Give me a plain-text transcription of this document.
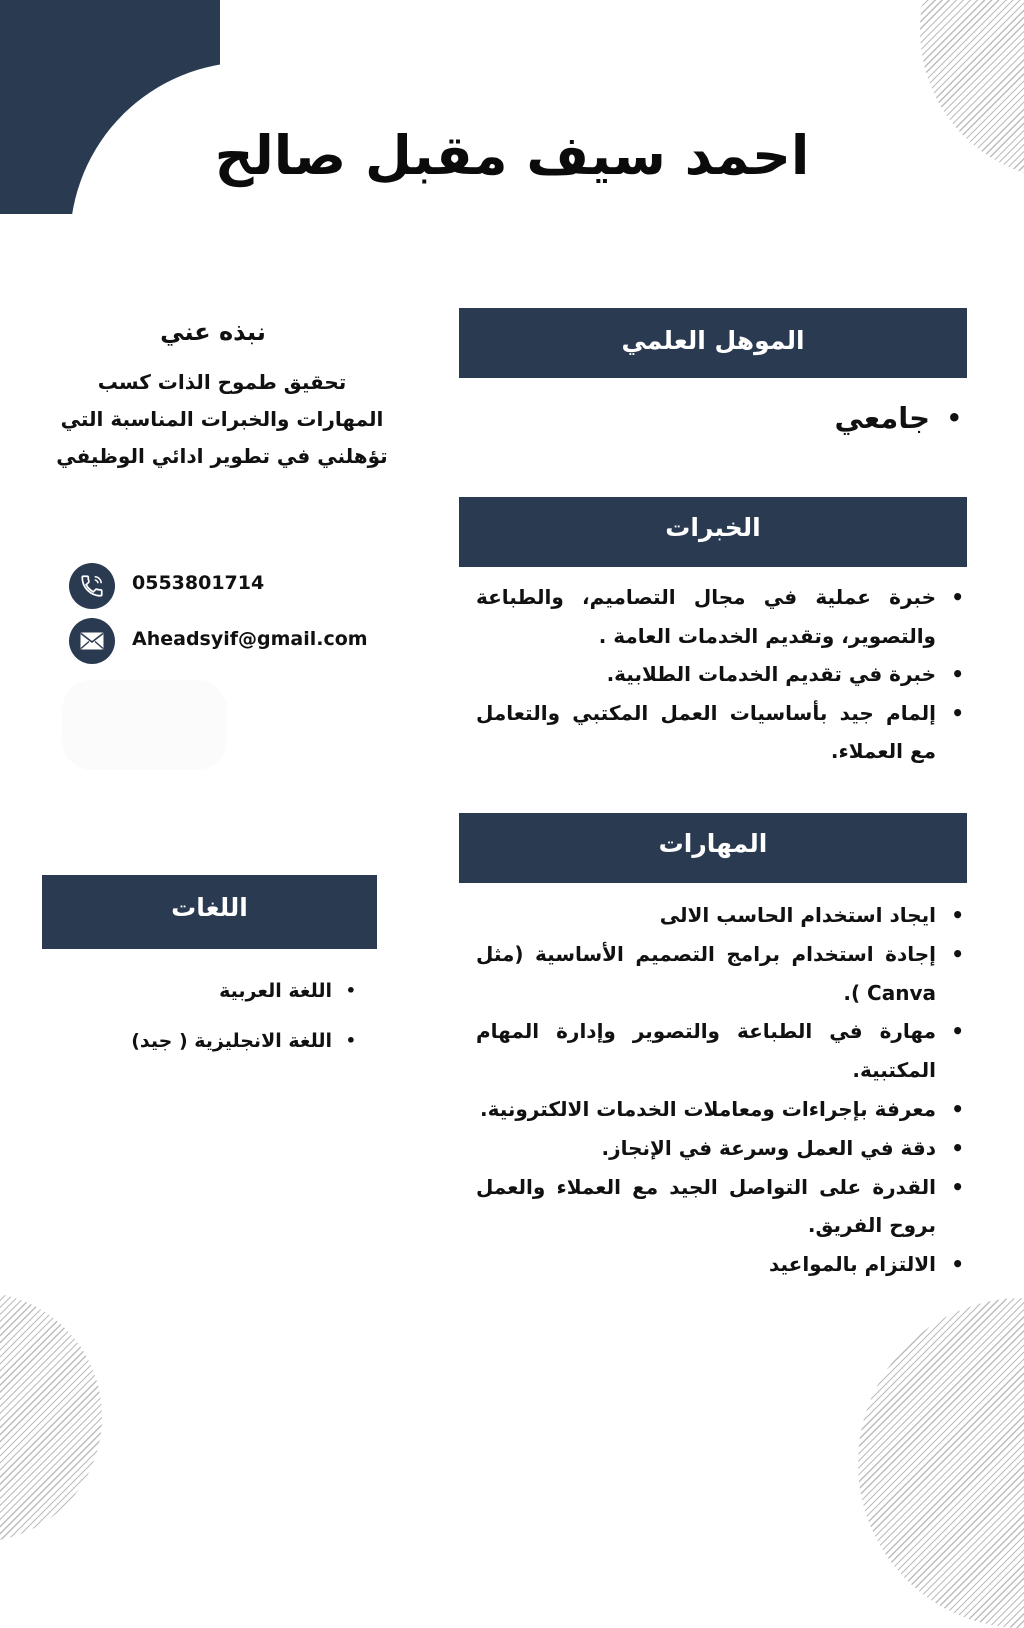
احمد سيف مقبل صالح
الموهل العلمي
• جامعي
الخبرات
• خبرة عملية في مجال التصاميم، والطباعة والتصوير، وتقديم الخدمات العامة .
• خبرة في تقديم الخدمات الطلابية.
• إلمام جيد بأساسيات العمل المكتبي والتعامل مع العملاء.
المهارات
• ايجاد استخدام الحاسب الالى
• إجادة استخدام برامج التصميم الأساسية (مثل Canva ).
• مهارة في الطباعة والتصوير وإدارة المهام المكتبية.
• معرفة بإجراءات ومعاملات الخدمات الالكترونية.
• دقة في العمل وسرعة في الإنجاز.
• القدرة على التواصل الجيد مع العملاء والعمل بروح الفريق.
• الالتزام بالمواعيد
نبذه عني
تحقيق طموح الذات كسب المهارات والخبرات المناسبة التي تؤهلني في تطوير ادائي الوظيفي
0553801714
Aheadsyif@gmail.com
اللغات
• اللغة العربية
• اللغة الانجليزية ( جيد)
